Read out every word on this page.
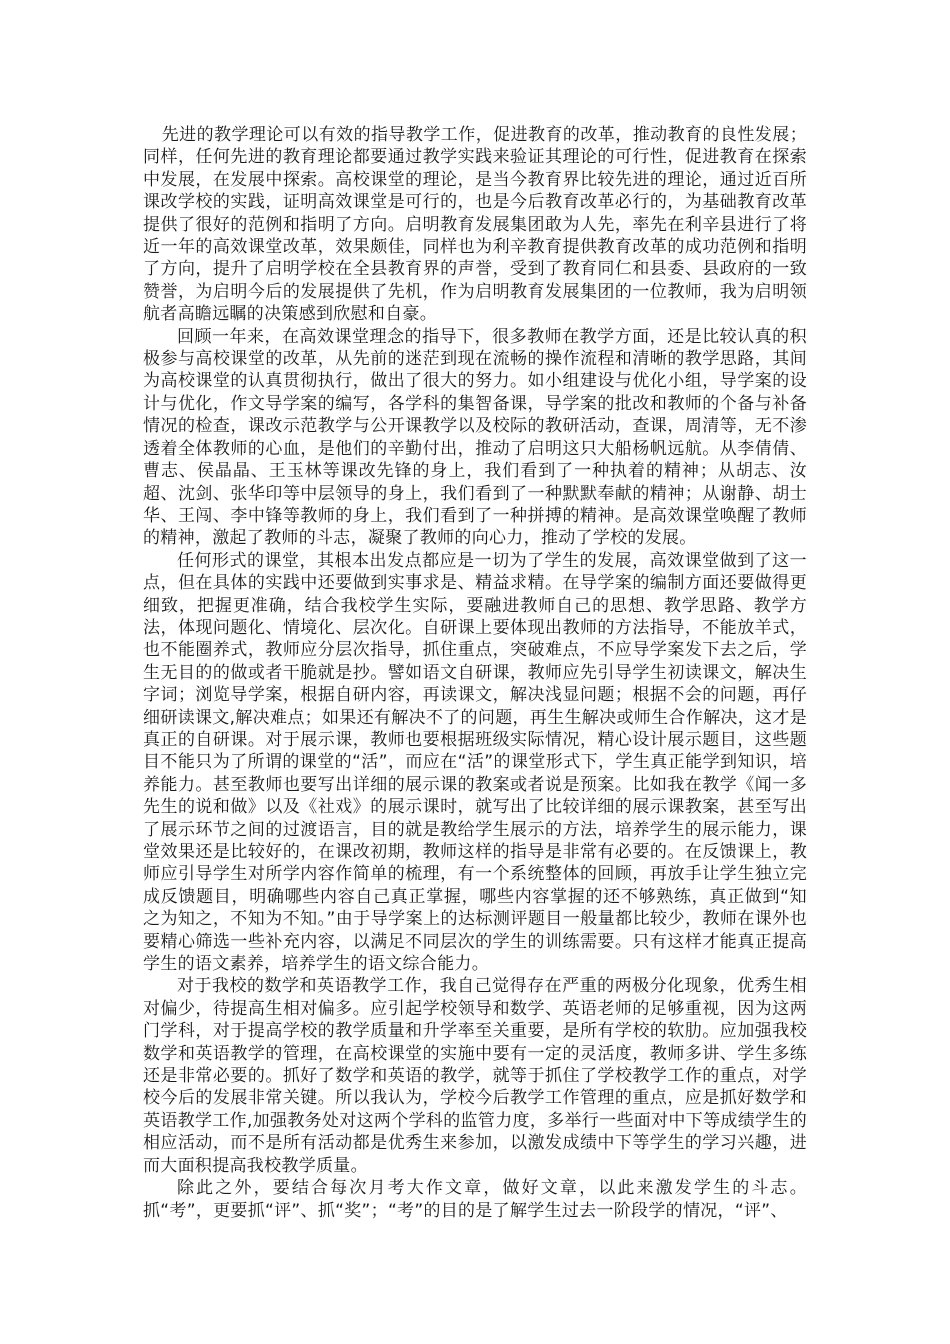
先进的教学理论可以有效的指导教学工作，促进教育的改革，推动教育的良性发展；同样，任何先进的教育理论都要通过教学实践来验证其理论的可行性，促进教育在探索中发展，在发展中探索。高校课堂的理论，是当今教育界比较先进的理论，通过近百所课改学校的实践，证明高效课堂是可行的，也是今后教育改革必行的，为基础教育改革提供了很好的范例和指明了方向。启明教育发展集团敢为人先，率先在利辛县进行了将近一年的高效课堂改革，效果颇佳，同样也为利辛教育提供教育改革的成功范例和指明了方向，提升了启明学校在全县教育界的声誉，受到了教育同仁和县委、县政府的一致赞誉，为启明今后的发展提供了先机，作为启明教育发展集团的一位教师，我为启明领航者高瞻远瞩的决策感到欣慰和自豪。

回顾一年来，在高效课堂理念的指导下，很多教师在教学方面，还是比较认真的积极参与高校课堂的改革，从先前的迷茫到现在流畅的操作流程和清晰的教学思路，其间为高校课堂的认真贯彻执行，做出了很大的努力。如小组建设与优化小组，导学案的设计与优化，作文导学案的编写，各学科的集智备课，导学案的批改和教师的个备与补备情况的检查，课改示范教学与公开课教学以及校际的教研活动，查课，周清等，无不渗透着全体教师的心血，是他们的辛勤付出，推动了启明这只大船杨帆远航。从李倩倩、曹志、侯晶晶、王玉林等课改先锋的身上，我们看到了一种执着的精神；从胡志、汝超、沈剑、张华印等中层领导的身上，我们看到了一种默默奉献的精神；从谢静、胡士华、王闯、李中锋等教师的身上，我们看到了一种拼搏的精神。是高效课堂唤醒了教师的精神，激起了教师的斗志，凝聚了教师的向心力，推动了学校的发展。

任何形式的课堂，其根本出发点都应是一切为了学生的发展，高效课堂做到了这一点，但在具体的实践中还要做到实事求是、精益求精。在导学案的编制方面还要做得更细致，把握更准确，结合我校学生实际，要融进教师自己的思想、教学思路、教学方法，体现问题化、情境化、层次化。自研课上要体现出教师的方法指导，不能放羊式，也不能圈养式，教师应分层次指导，抓住重点，突破难点，不应导学案发下去之后，学生无目的的做或者干脆就是抄。譬如语文自研课，教师应先引导学生初读课文，解决生字词；浏览导学案，根据自研内容，再读课文，解决浅显问题；根据不会的问题，再仔细研读课文,解决难点；如果还有解决不了的问题，再生生解决或师生合作解决，这才是真正的自研课。对于展示课，教师也要根据班级实际情况，精心设计展示题目，这些题目不能只为了所谓的课堂的“活”，而应在“活”的课堂形式下，学生真正能学到知识，培养能力。甚至教师也要写出详细的展示课的教案或者说是预案。比如我在教学《闻一多先生的说和做》以及《社戏》的展示课时，就写出了比较详细的展示课教案，甚至写出了展示环节之间的过渡语言，目的就是教给学生展示的方法，培养学生的展示能力，课堂效果还是比较好的，在课改初期，教师这样的指导是非常有必要的。在反馈课上，教师应引导学生对所学内容作简单的梳理，有一个系统整体的回顾，再放手让学生独立完成反馈题目，明确哪些内容自己真正掌握，哪些内容掌握的还不够熟练，真正做到“知之为知之，不知为不知。”由于导学案上的达标测评题目一般量都比较少，教师在课外也要精心筛选一些补充内容，以满足不同层次的学生的训练需要。只有这样才能真正提高学生的语文素养，培养学生的语文综合能力。

对于我校的数学和英语教学工作，我自己觉得存在严重的两极分化现象，优秀生相对偏少，待提高生相对偏多。应引起学校领导和数学、英语老师的足够重视，因为这两门学科，对于提高学校的教学质量和升学率至关重要，是所有学校的软肋。应加强我校数学和英语教学的管理，在高校课堂的实施中要有一定的灵活度，教师多讲、学生多练还是非常必要的。抓好了数学和英语的教学，就等于抓住了学校教学工作的重点，对学校今后的发展非常关键。所以我认为，学校今后教学工作管理的重点，应是抓好数学和英语教学工作,加强教务处对这两个学科的监管力度，多举行一些面对中下等成绩学生的相应活动，而不是所有活动都是优秀生来参加，以激发成绩中下等学生的学习兴趣，进而大面积提高我校教学质量。

除此之外，要结合每次月考大作文章，做好文章，以此来激发学生的斗志。抓“考”，更要抓“评”、抓“奖”；“考”的目的是了解学生过去一阶段学的情况，“评”、
